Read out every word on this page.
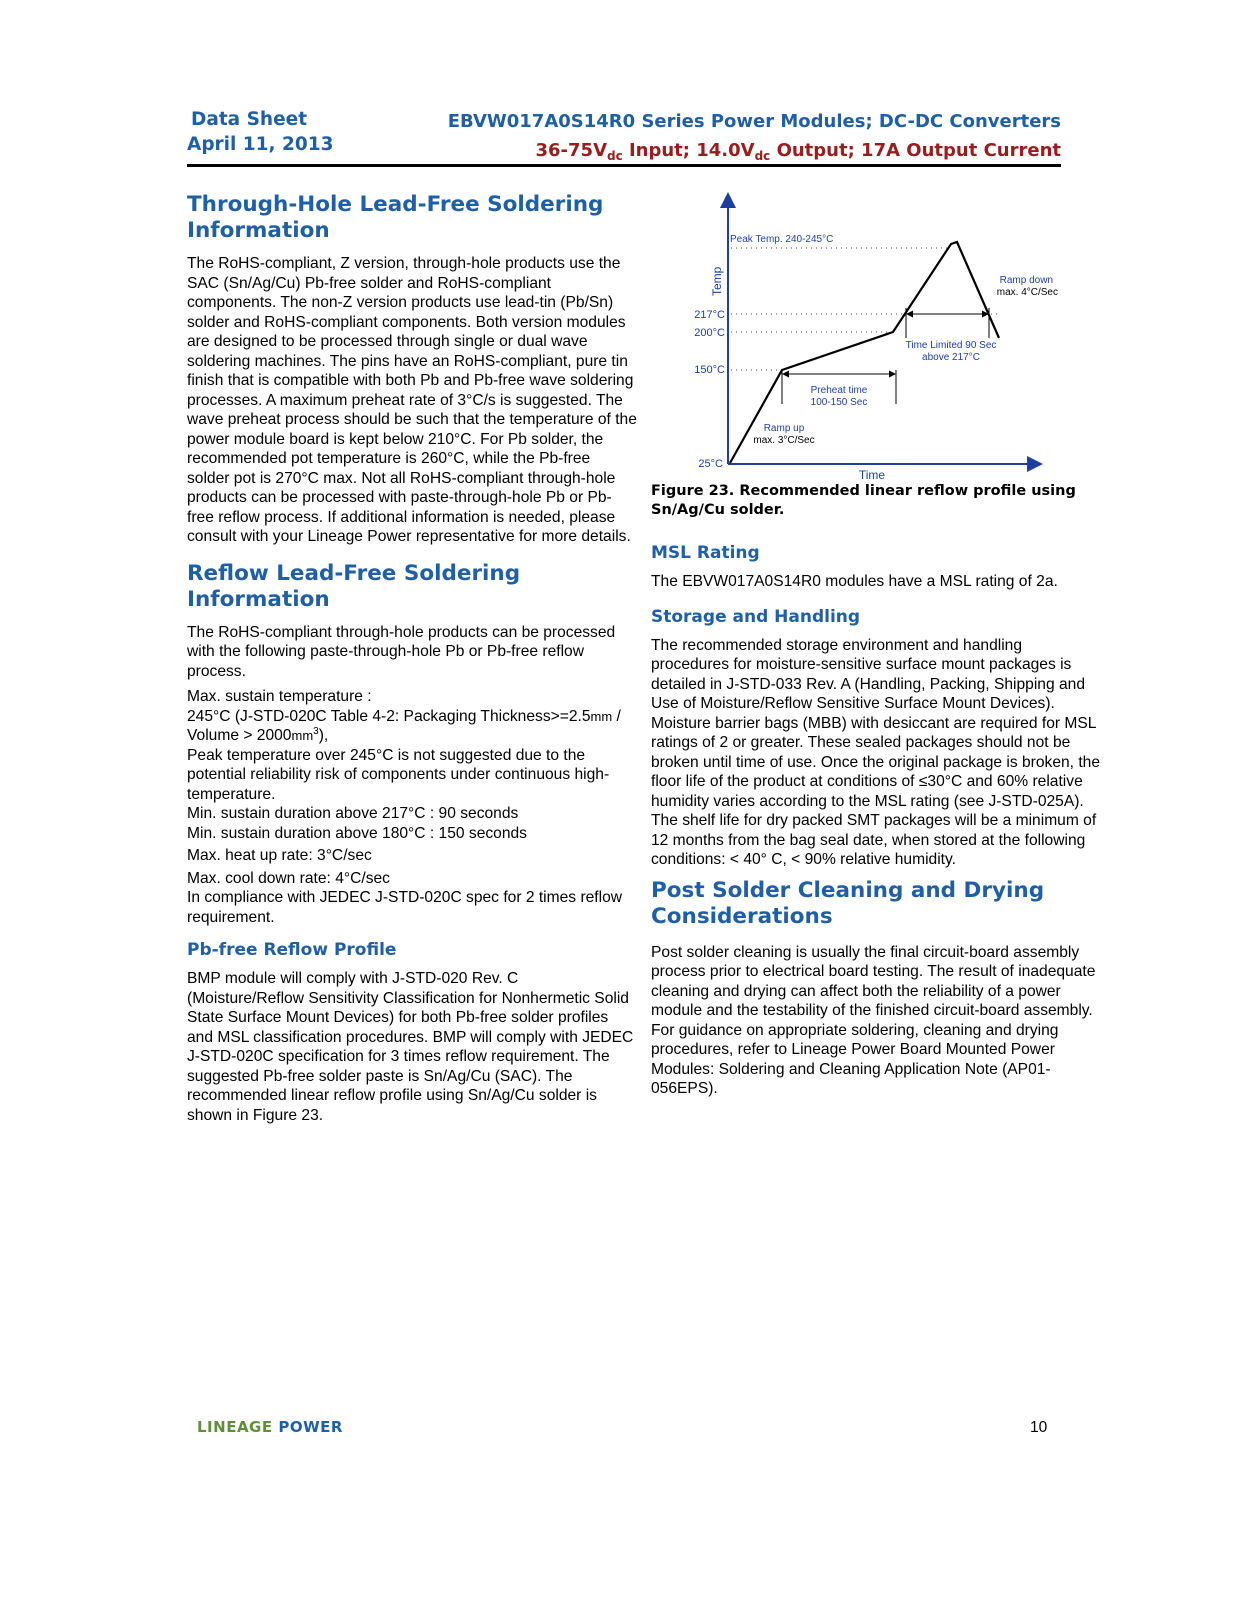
Data Sheet
April 11, 2013
EBVW017A0S14R0 Series Power Modules; DC-DC Converters
$36-75V_{dc}$ Input; $14.0V_{dc}$ Output; 17A Output Current
Through-Hole Lead-Free Soldering Information

The RoHS-compliant, Z version, through-hole products use the SAC (Sn/Ag/Cu) Pb-free solder and RoHS-compliant components. The non-Z version products use lead-tin (Pb/Sn) solder and RoHS-compliant components. Both version modules are designed to be processed through single or dual wave soldering machines. The pins have an RoHS-compliant, pure tin finish that is compatible with both Pb and Pb-free wave soldering processes. A maximum preheat rate of 3°C/s is suggested. The wave preheat process should be such that the temperature of the power module board is kept below 210°C. For Pb solder, the recommended pot temperature is 260°C, while the Pb-free solder pot is 270°C max. Not all RoHS-compliant through-hole products can be processed with paste-through-hole Pb or Pb-free reflow process. If additional information is needed, please consult with your Lineage Power representative for more details.

Reflow Lead-Free Soldering Information

The RoHS-compliant through-hole products can be processed with the following paste-through-hole Pb or Pb-free reflow process.

Max. sustain temperature :

245°C (J-STD-020C Table 4-2: Packaging Thickness>=2.5mm / Volume > $2000mm^3$),

Peak temperature over 245°C is not suggested due to the potential reliability risk of components under continuous high-temperature.

Min. sustain duration above 217°C : 90 seconds

Min. sustain duration above 180°C : 150 seconds

Max. heat up rate: 3°C/sec

Max. cool down rate: 4°C/sec

In compliance with JEDEC J-STD-020C spec for 2 times reflow requirement.

Pb-free Reflow Profile

BMP module will comply with J-STD-020 Rev. C (Moisture/Reflow Sensitivity Classification for Nonhermetic Solid State Surface Mount Devices) for both Pb-free solder profiles and MSL classification procedures. BMP will comply with JEDEC J-STD-020C specification for 3 times reflow requirement. The suggested Pb-free solder paste is Sn/Ag/Cu (SAC). The recommended linear reflow profile using Sn/Ag/Cu solder is shown in Figure 23.

Temp
Time
Peak Temp. 240-245°C
217°C
200°C
150°C
25°C
Ramp down
max. 4°C/Sec
Time Limited 90 Sec
above 217°C
Preheat time
100-150 Sec
Ramp up
max. 3°C/Sec

Figure 23. Recommended linear reflow profile using Sn/Ag/Cu solder.

MSL Rating

The EBVW017A0S14R0 modules have a MSL rating of 2a.

Storage and Handling

The recommended storage environment and handling procedures for moisture-sensitive surface mount packages is detailed in J-STD-033 Rev. A (Handling, Packing, Shipping and Use of Moisture/Reflow Sensitive Surface Mount Devices). Moisture barrier bags (MBB) with desiccant are required for MSL ratings of 2 or greater. These sealed packages should not be broken until time of use. Once the original package is broken, the floor life of the product at conditions of ≤30°C and 60% relative humidity varies according to the MSL rating (see J-STD-025A). The shelf life for dry packed SMT packages will be a minimum of 12 months from the bag seal date, when stored at the following conditions: < 40° C, < 90% relative humidity.

Post Solder Cleaning and Drying Considerations

Post solder cleaning is usually the final circuit-board assembly process prior to electrical board testing. The result of inadequate cleaning and drying can affect both the reliability of a power module and the testability of the finished circuit-board assembly. For guidance on appropriate soldering, cleaning and drying procedures, refer to Lineage Power Board Mounted Power Modules: Soldering and Cleaning Application Note (AP01-056EPS).

LINEAGE POWER	10
